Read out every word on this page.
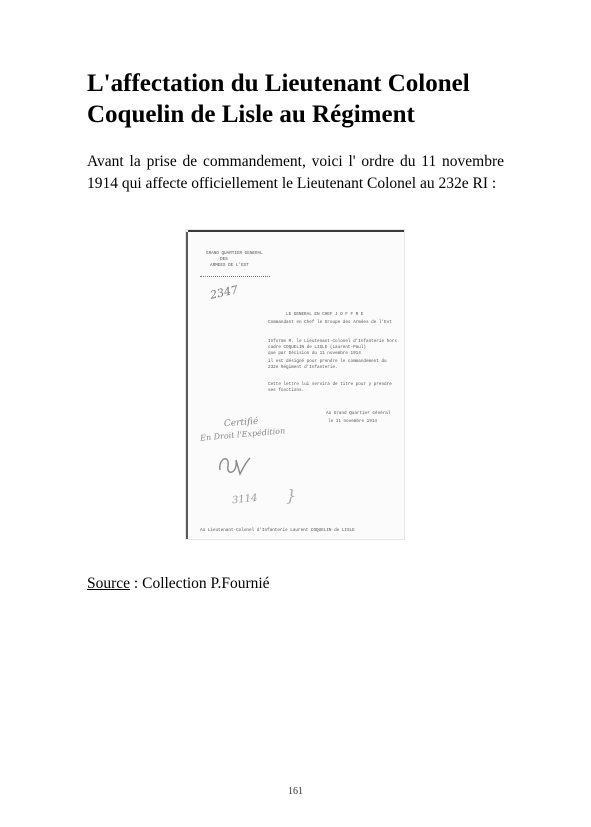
L'affectation du Lieutenant Colonel Coquelin de Lisle au Régiment

Avant la prise de commandement, voici l' ordre du 11 novembre 1914 qui affecte officiellement le Lieutenant Colonel au 232e RI :

GRAND QUARTIER GENERAL
DES
ARMEES DE L'EST
2347
LE GENERAL EN CHEF J O F F R E
Commandant en Chef le Groupe des Armées de l'Est
Informe M. le Lieutenant-Colonel d'Infanterie hors
cadre COQUELIN de LISLE (Laurent-Paul)
que par Décision du 11 novembre 1914
il est désigné pour prendre le commandement du
232e Régiment d'Infanterie.
Cette lettre lui servira de titre pour y prendre
ses fonctions.
Au Grand Quartier Général
le 11 novembre 1914
Certifié
En Droit l'Expédition
3114 }
Au Lieutenant-Colonel d'Infanterie Laurent COQUELIN de LISLE

Source : Collection P.Fournié

161
